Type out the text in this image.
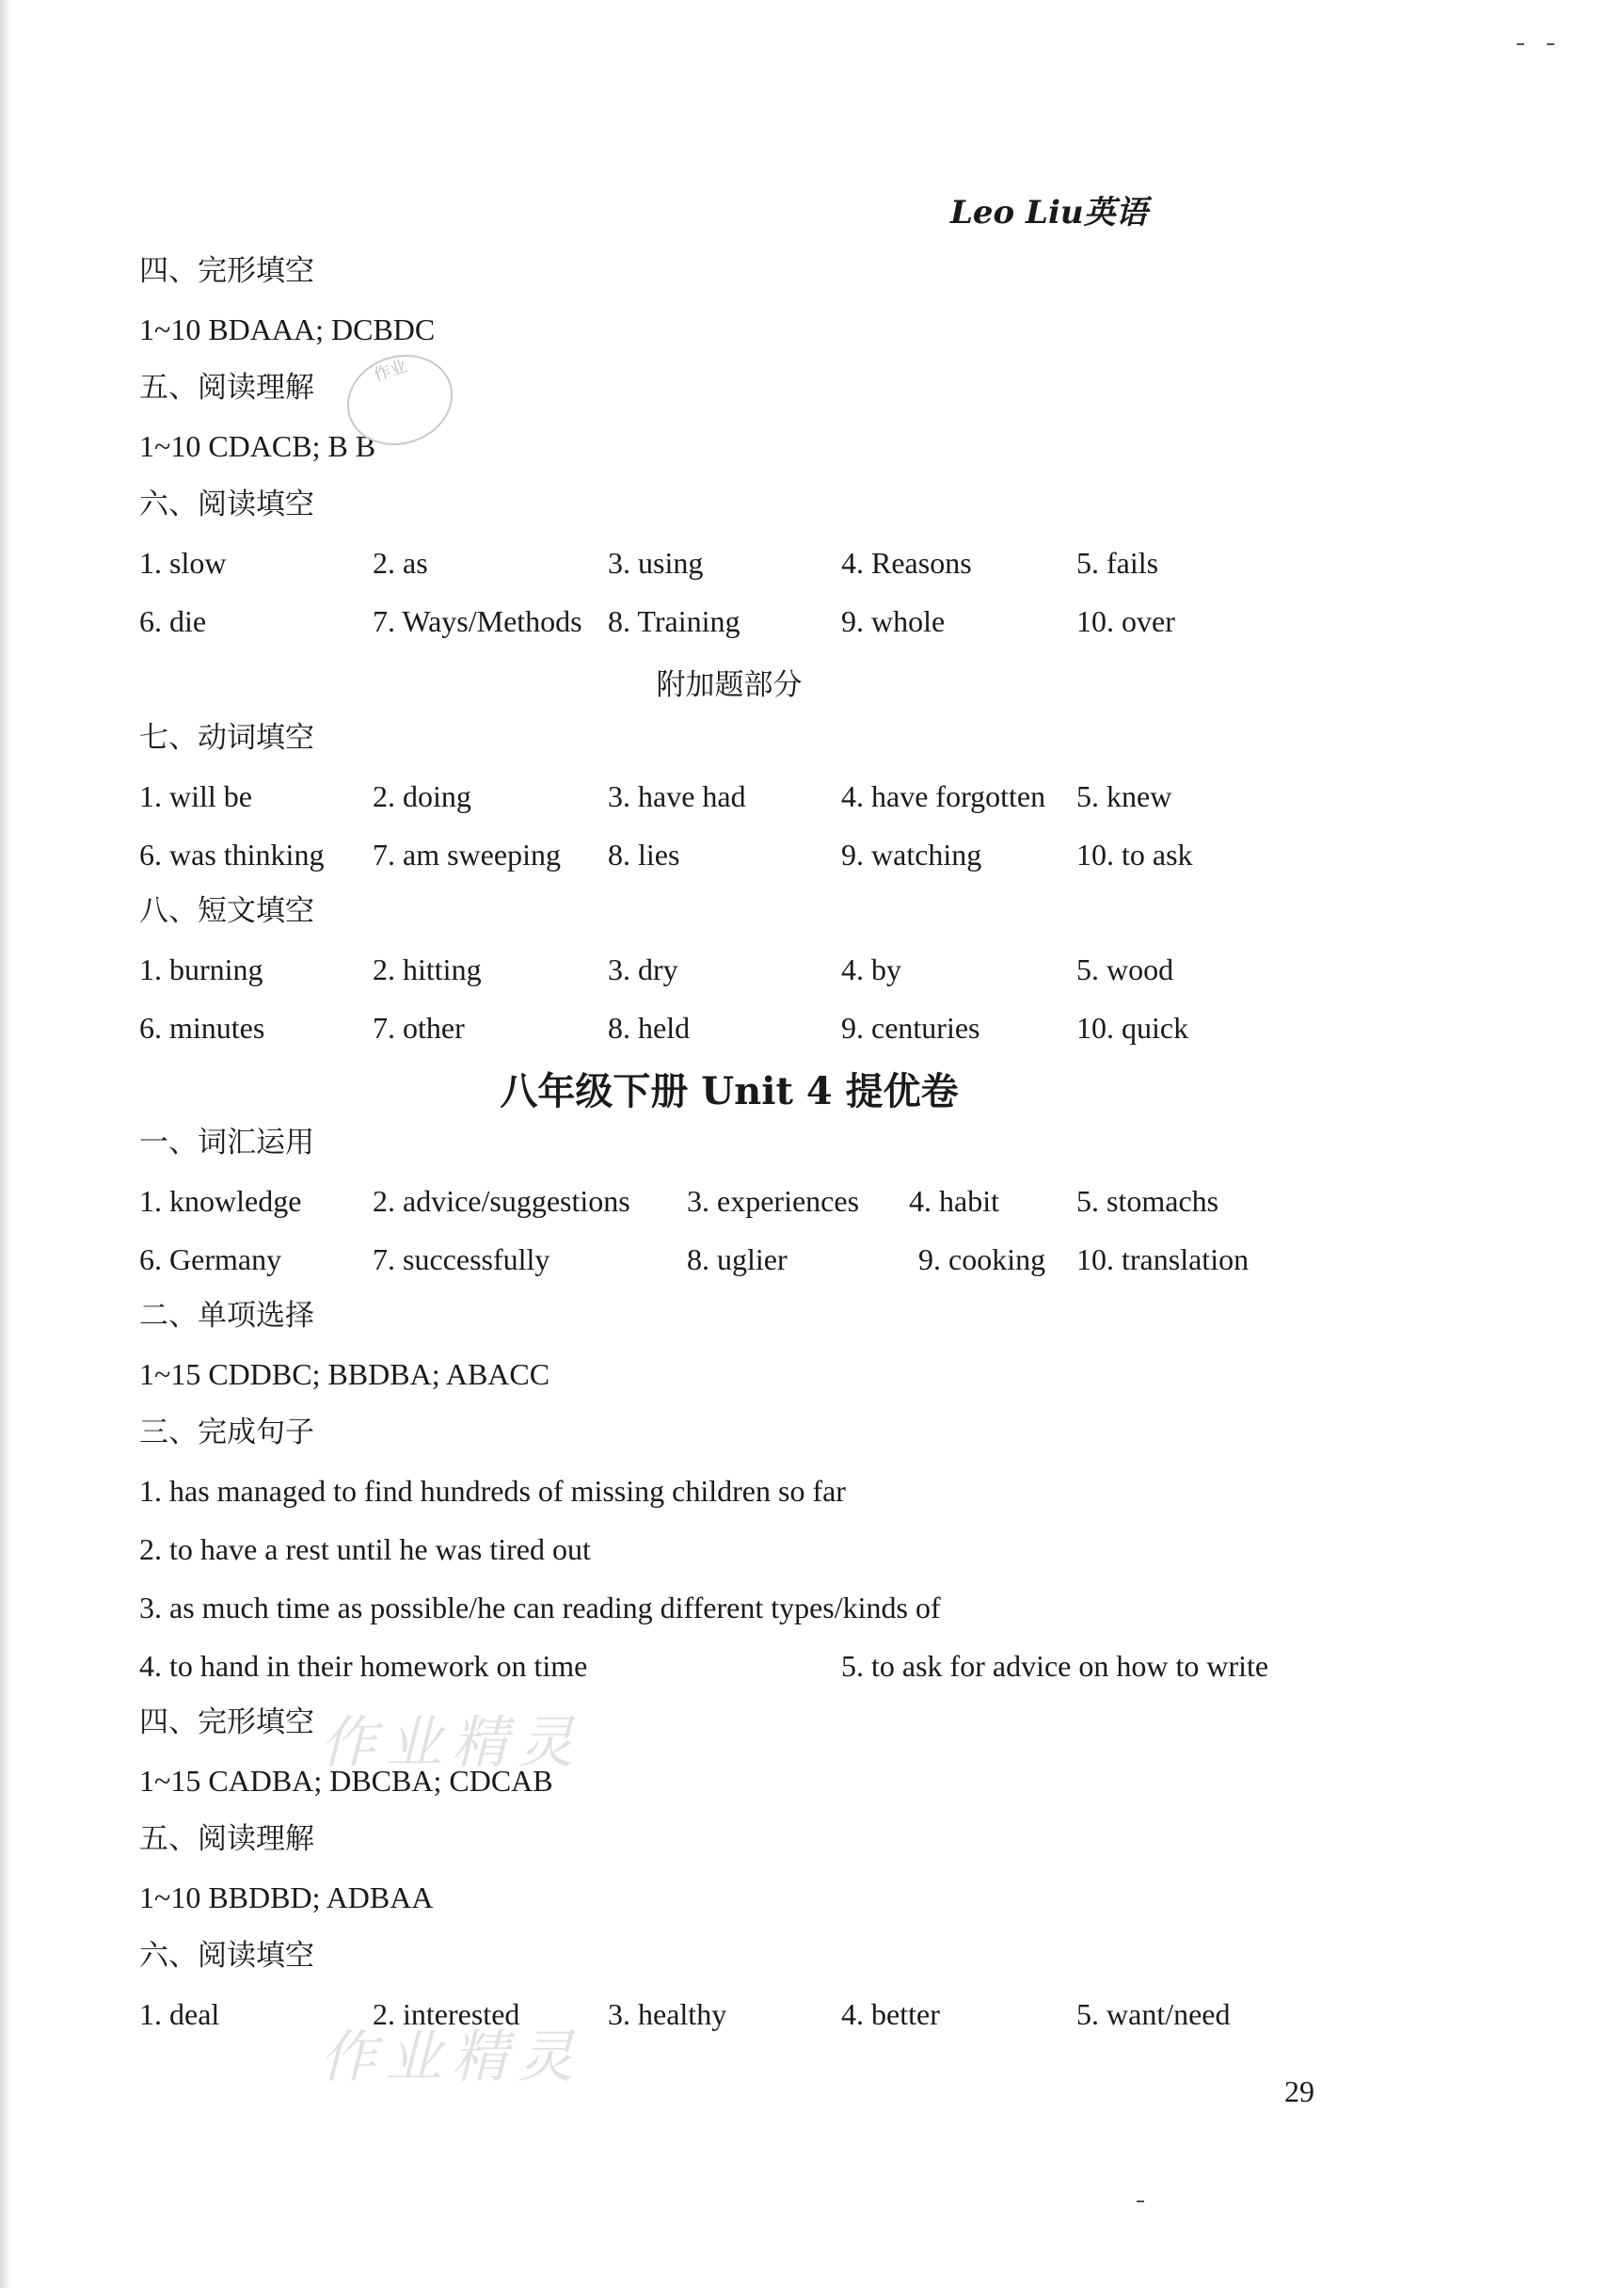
Leo Liu英语
四、完形填空
1~10 BDAAA; DCBDC
五、阅读理解
1~10 CDACB; B B
作业
六、阅读填空
1. slow	2. as	3. using	4. Reasons	5. fails
6. die	7. Ways/Methods 8. Training	9. whole	10. over
附加题部分
七、动词填空
1. will be	2. doing	3. have had	4. have forgotten 5. knew
6. was thinking 7. am sweeping 8. lies	9. watching	10. to ask
八、短文填空
1. burning	2. hitting	3. dry	4. by	5. wood
6. minutes	7. other	8. held	9. centuries	10. quick
八年级下册 Unit 4 提优卷
一、词汇运用
1. knowledge 2. advice/suggestions 3. experiences 4. habit	5. stomachs
6. Germany	7. successfully	8. uglier	9. cooking 10. translation
二、单项选择
1~15 CDDBC; BBDBA; ABACC
三、完成句子
1. has managed to find hundreds of missing children so far
2. to have a rest until he was tired out
3. as much time as possible/he can reading different types/kinds of
4. to hand in their homework on time	5. to ask for advice on how to write
四、完形填空
1~15 CADBA; DBCBA; CDCAB
五、阅读理解
1~10 BBDBD; ADBAA
六、阅读填空
1. deal	2. interested	3. healthy	4. better	5. want/need
作业精灵
作业精灵
29
